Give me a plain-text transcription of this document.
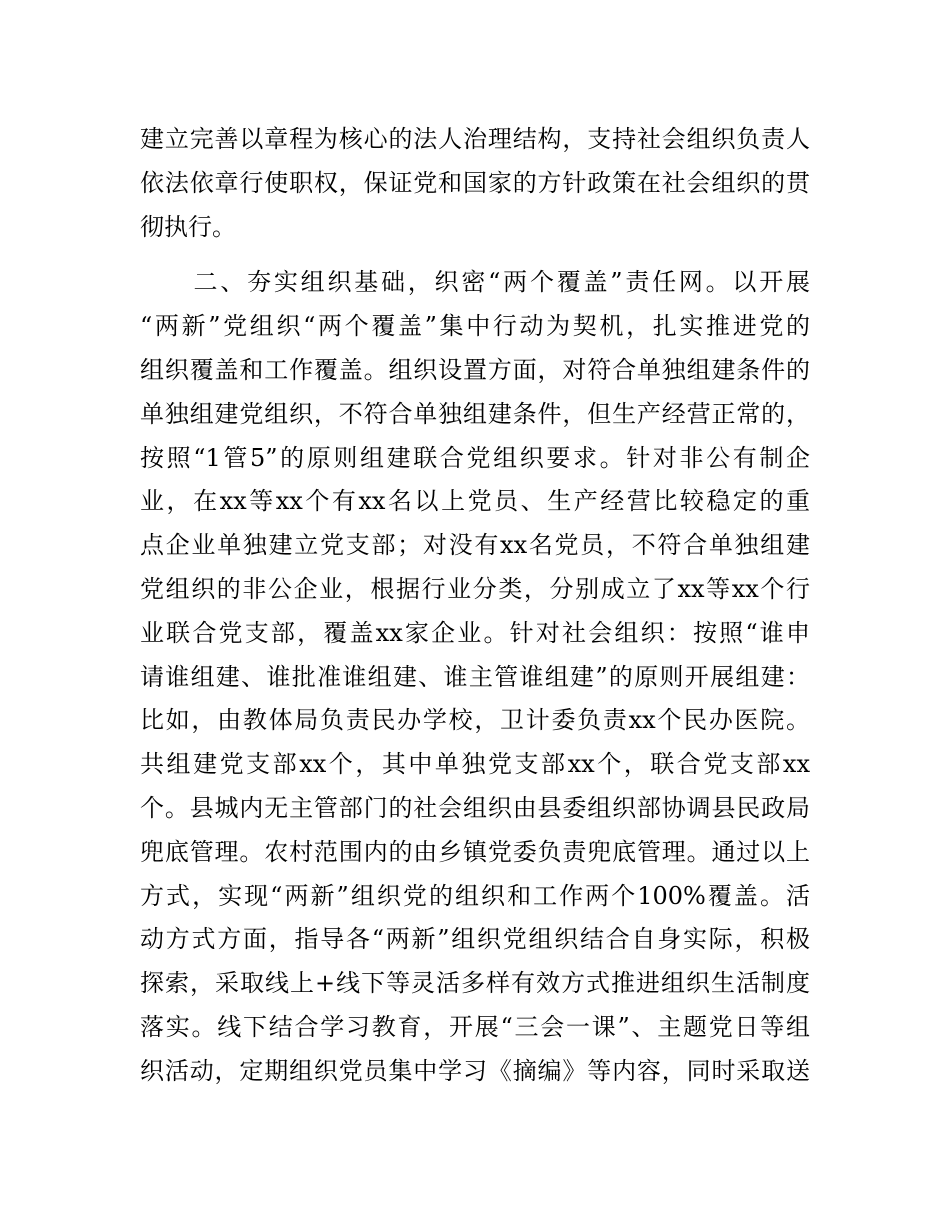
建立完善以章程为核心的法人治理结构，支持社会组织负责人
依法依章行使职权，保证党和国家的方针政策在社会组织的贯
彻执行。
　　二、夯实组织基础，织密“两个覆盖”责任网。以开展
“两新”党组织“两个覆盖”集中行动为契机，扎实推进党的
组织覆盖和工作覆盖。组织设置方面，对符合单独组建条件的
单独组建党组织，不符合单独组建条件，但生产经营正常的，
按照“1管5”的原则组建联合党组织要求。针对非公有制企
业，在xx等xx个有xx名以上党员、生产经营比较稳定的重
点企业单独建立党支部；对没有xx名党员，不符合单独组建
党组织的非公企业，根据行业分类，分别成立了xx等xx个行
业联合党支部，覆盖xx家企业。针对社会组织：按照“谁申
请谁组建、谁批准谁组建、谁主管谁组建”的原则开展组建：
比如，由教体局负责民办学校，卫计委负责xx个民办医院。
共组建党支部xx个，其中单独党支部xx个，联合党支部xx
个。县城内无主管部门的社会组织由县委组织部协调县民政局
兜底管理。农村范围内的由乡镇党委负责兜底管理。通过以上
方式，实现“两新”组织党的组织和工作两个100%覆盖。活
动方式方面，指导各“两新”组织党组织结合自身实际，积极
探索，采取线上+线下等灵活多样有效方式推进组织生活制度
落实。线下结合学习教育，开展“三会一课”、主题党日等组
织活动，定期组织党员集中学习《摘编》等内容，同时采取送
